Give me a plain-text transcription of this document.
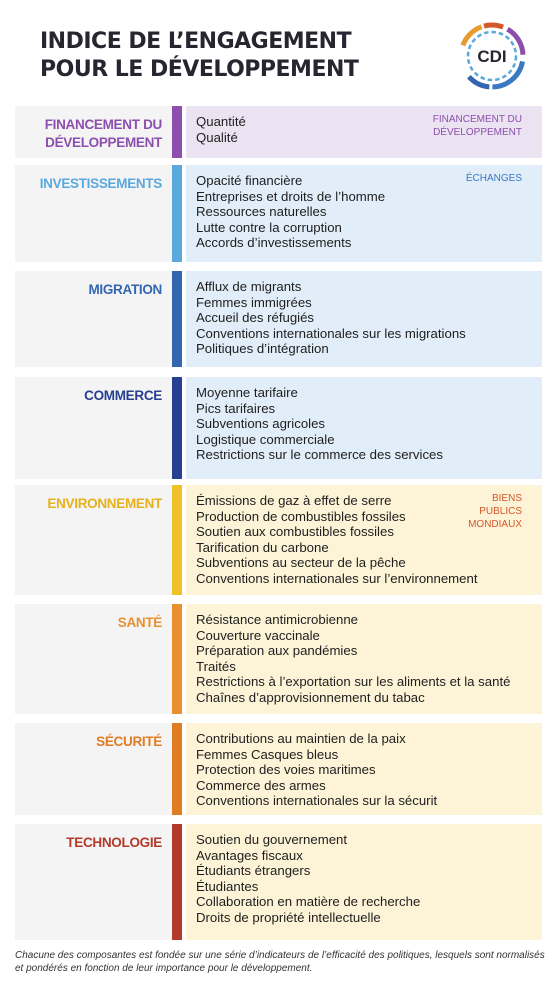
INDICE DE L’ENGAGEMENT
POUR LE DÉVELOPPEMENT
CDI
FINANCEMENT DU
DÉVELOPPEMENT
Quantité
Qualité
FINANCEMENT DU
DÉVELOPPEMENT
INVESTISSEMENTS	Opacité financière
Entreprises et droits de l’homme
Ressources naturelles
Lutte contre la corruption
Accords d’investissements
ÉCHANGES
MIGRATION	Afflux de migrants
Femmes immigrées
Accueil des réfugiés
Conventions internationales sur les migrations
Politiques d’intégration
COMMERCE	Moyenne tarifaire
Pics tarifaires
Subventions agricoles
Logistique commerciale
Restrictions sur le commerce des services
ENVIRONNEMENT	Émissions de gaz à effet de serre
Production de combustibles fossiles
Soutien aux combustibles fossiles
Tarification du carbone
Subventions au secteur de la pêche
Conventions internationales sur l’environnement
BIENS
PUBLICS
MONDIAUX
SANTÉ	Résistance antimicrobienne
Couverture vaccinale
Préparation aux pandémies
Traités
Restrictions à l’exportation sur les aliments et la santé
Chaînes d’approvisionnement du tabac
SÉCURITÉ	Contributions au maintien de la paix
Femmes Casques bleus
Protection des voies maritimes
Commerce des armes
Conventions internationales sur la sécurit
TECHNOLOGIE	Soutien du gouvernement
Avantages fiscaux
Étudiants étrangers
Étudiantes
Collaboration en matière de recherche
Droits de propriété intellectuelle
Chacune des composantes est fondée sur une série d’indicateurs de l’efficacité des politiques, lesquels sont normalisés et pondérés en fonction de leur importance pour le développement.
